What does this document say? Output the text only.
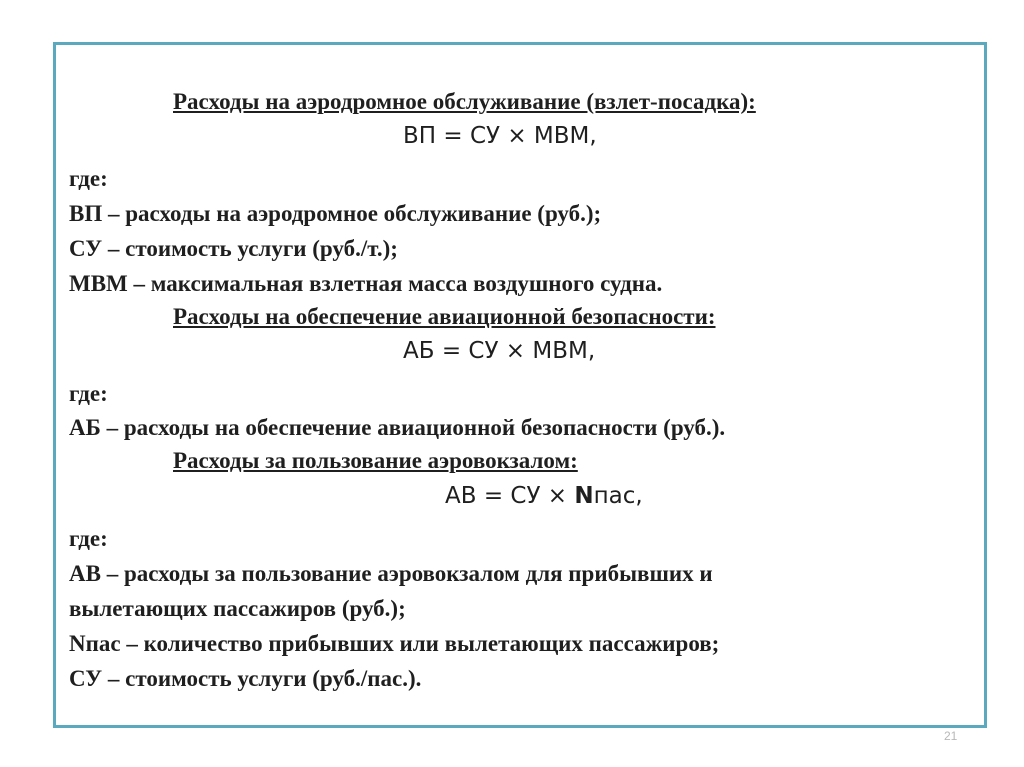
Расходы на аэродромное обслуживание (взлет-посадка):
ВП = СУ × МВМ,
где:
ВП – расходы на аэродромное обслуживание (руб.);
СУ – стоимость услуги (руб./т.);
МВМ – максимальная взлетная масса воздушного судна.
Расходы на обеспечение авиационной безопасности:
АБ = СУ × МВМ,
где:
АБ – расходы на обеспечение авиационной безопасности (руб.).
Расходы за пользование аэровокзалом:
АВ = СУ × Nпас,
где:
АВ – расходы за пользование аэровокзалом для прибывших и
вылетающих пассажиров (руб.);
Nпас – количество прибывших или вылетающих пассажиров;
СУ – стоимость услуги (руб./пас.).
21
